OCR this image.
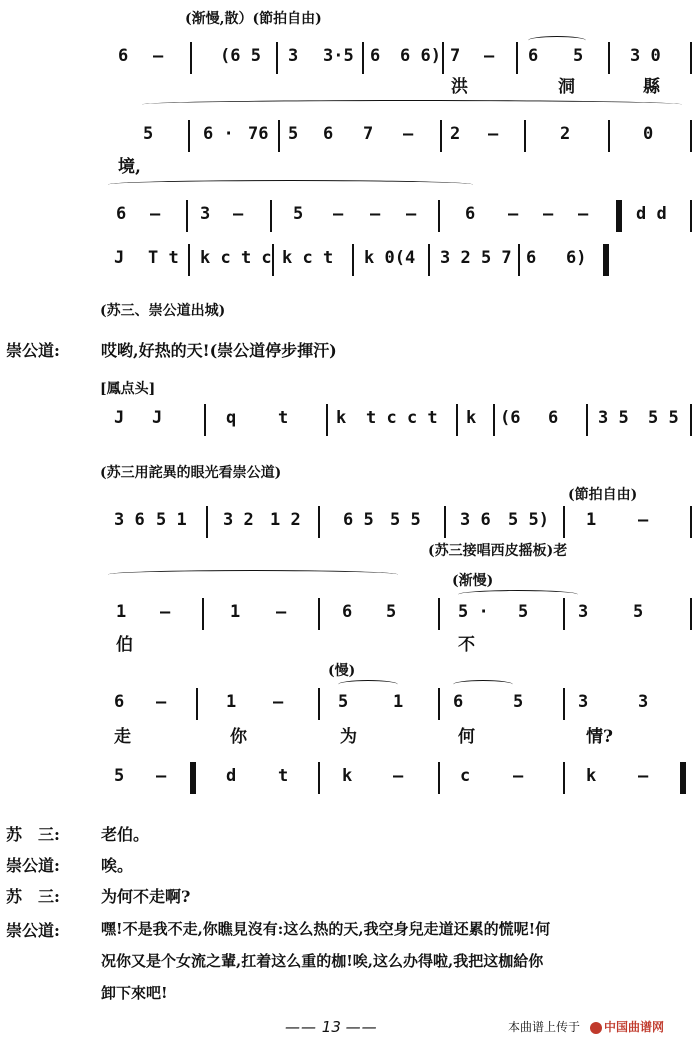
(渐慢,散）(節拍自由)
6 –	(6 5 3 3·5 6 6 6) 7 – 6 5	3 0
洪	洞	縣
5	6 · 76 5 6 7 – 2 –	2	0
境,
6 – 3 –	5 – – –	6 – – –	d d
J T t k c t c k c t k 0(4 3 2 5 7 6 6)
(苏三、崇公道出城)
崇公道:	哎哟,好热的天!(崇公道停步揮汗)
[鳳点头]
J J	q t	k t c c t k (6 6 3 5 5 5
(苏三用詫異的眼光看崇公道)
(節拍自由)
3 6 5 1 3 2 1 2 6 5 5 5 3 6 5 5) 1 –
(苏三接唱西皮摇板)老
(渐慢)
1 –	1 –	6 5	5 · 5	3	5
伯	不
(慢)
6 –	1 –	5	1	6	5	3	3
走	你	为	何	情?
5 –	d t	k –	c	–	k –
苏　三:	老伯。
崇公道:	唉。
苏　三:	为何不走啊?
崇公道:	嘿!不是我不走,你瞧見沒有:这么热的天,我空身兒走道还累的慌呢!何
况你又是个女流之輩,扛着这么重的枷!唉,这么办得啦,我把这枷給你
卸下來吧!
—— 13 ——	本曲谱上传于	中国曲谱网
